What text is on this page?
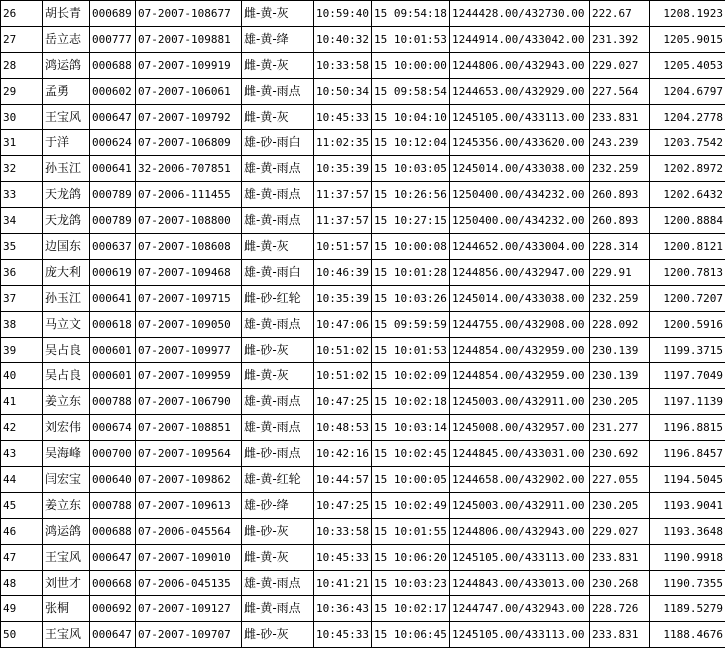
26	胡长青	000689	07-2007-108677	雌-黄-灰	10:59:40	15 09:54:18	1244428.00/432730.00	222.67	1208.1923
27	岳立志	000777	07-2007-109881	雄-黄-绛	10:40:32	15 10:01:53	1244914.00/433042.00	231.392	1205.9015
28	鸿运鸽	000688	07-2007-109919	雌-黄-灰	10:33:58	15 10:00:00	1244806.00/432943.00	229.027	1205.4053
29	孟勇	000602	07-2007-106061	雌-黄-雨点	10:50:34	15 09:58:54	1244653.00/432929.00	227.564	1204.6797
30	王宝风	000647	07-2007-109792	雌-黄-灰	10:45:33	15 10:04:10	1245105.00/433113.00	233.831	1204.2778
31	于洋	000624	07-2007-106809	雄-砂-雨白	11:02:35	15 10:12:04	1245356.00/433620.00	243.239	1203.7542
32	孙玉江	000641	32-2006-707851	雄-黄-雨点	10:35:39	15 10:03:05	1245014.00/433038.00	232.259	1202.8972
33	天龙鸽	000789	07-2006-111455	雄-黄-雨点	11:37:57	15 10:26:56	1250400.00/434232.00	260.893	1202.6432
34	天龙鸽	000789	07-2007-108800	雄-黄-雨点	11:37:57	15 10:27:15	1250400.00/434232.00	260.893	1200.8884
35	边国东	000637	07-2007-108608	雌-黄-灰	10:51:57	15 10:00:08	1244652.00/433004.00	228.314	1200.8121
36	庞大利	000619	07-2007-109468	雄-黄-雨白	10:46:39	15 10:01:28	1244856.00/432947.00	229.91	1200.7813
37	孙玉江	000641	07-2007-109715	雌-砂-红轮	10:35:39	15 10:03:26	1245014.00/433038.00	232.259	1200.7207
38	马立文	000618	07-2007-109050	雄-黄-雨点	10:47:06	15 09:59:59	1244755.00/432908.00	228.092	1200.5916
39	吴占良	000601	07-2007-109977	雌-砂-灰	10:51:02	15 10:01:53	1244854.00/432959.00	230.139	1199.3715
40	吴占良	000601	07-2007-109959	雌-黄-灰	10:51:02	15 10:02:09	1244854.00/432959.00	230.139	1197.7049
41	姜立东	000788	07-2007-106790	雄-黄-雨点	10:47:25	15 10:02:18	1245003.00/432911.00	230.205	1197.1139
42	刘宏伟	000674	07-2007-108851	雄-黄-雨点	10:48:53	15 10:03:14	1245008.00/432957.00	231.277	1196.8815
43	吴海峰	000700	07-2007-109564	雌-砂-雨点	10:42:16	15 10:02:45	1244845.00/433031.00	230.692	1196.8457
44	闫宏宝	000640	07-2007-109862	雄-黄-红轮	10:44:57	15 10:00:05	1244658.00/432902.00	227.055	1194.5045
45	姜立东	000788	07-2007-109613	雄-砂-绛	10:47:25	15 10:02:49	1245003.00/432911.00	230.205	1193.9041
46	鸿运鸽	000688	07-2006-045564	雌-砂-灰	10:33:58	15 10:01:55	1244806.00/432943.00	229.027	1193.3648
47	王宝风	000647	07-2007-109010	雌-黄-灰	10:45:33	15 10:06:20	1245105.00/433113.00	233.831	1190.9918
48	刘世才	000668	07-2006-045135	雄-黄-雨点	10:41:21	15 10:03:23	1244843.00/433013.00	230.268	1190.7355
49	张桐	000692	07-2007-109127	雌-黄-雨点	10:36:43	15 10:02:17	1244747.00/432943.00	228.726	1189.5279
50	王宝风	000647	07-2007-109707	雌-砂-灰	10:45:33	15 10:06:45	1245105.00/433113.00	233.831	1188.4676
